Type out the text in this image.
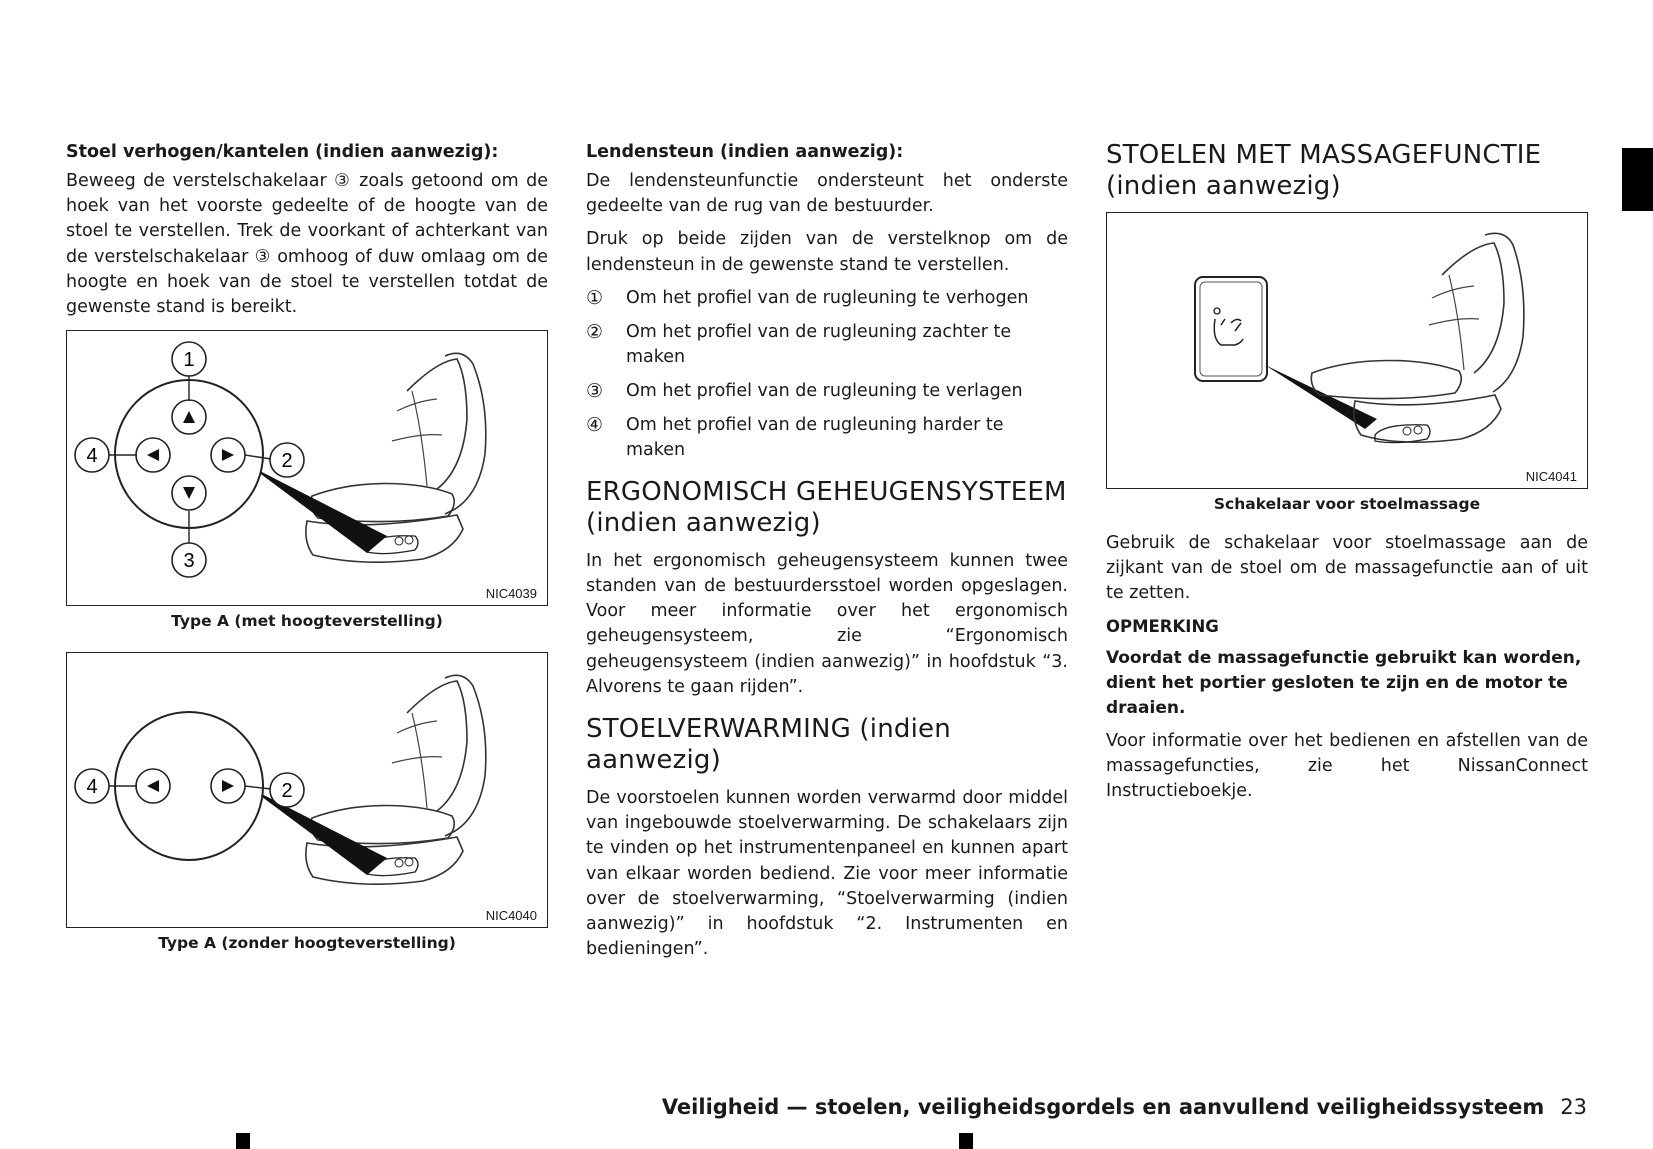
Stoel verhogen/kantelen (indien aanwezig):
Beweeg de verstelschakelaar ③ zoals getoond om de hoek van het voorste gedeelte of de hoogte van de stoel te verstellen. Trek de voorkant of achterkant van de verstelschakelaar ③ omhoog of duw omlaag om de hoogte en hoek van de stoel te verstellen totdat de gewenste stand is bereikt.
1
2
3
4
NIC4039
Type A (met hoogteverstelling)
4	2
NIC4040
Type A (zonder hoogteverstelling)
Lendensteun (indien aanwezig):
De lendensteunfunctie ondersteunt het onderste gedeelte van de rug van de bestuurder.
Druk op beide zijden van de verstelknop om de lendensteun in de gewenste stand te verstellen.
①	Om het profiel van de rugleuning te verhogen
②	Om het profiel van de rugleuning zachter te maken
③	Om het profiel van de rugleuning te verlagen
④	Om het profiel van de rugleuning harder te maken
ERGONOMISCH GEHEUGENSYSTEEM (indien aanwezig)
In het ergonomisch geheugensysteem kunnen twee standen van de bestuurdersstoel worden opgeslagen. Voor meer informatie over het ergonomisch geheugensysteem, zie “Ergonomisch geheugensysteem (indien aanwezig)” in hoofdstuk “3. Alvorens te gaan rijden”.
STOELVERWARMING (indien aanwezig)
De voorstoelen kunnen worden verwarmd door middel van ingebouwde stoelverwarming. De schakelaars zijn te vinden op het instrumentenpaneel en kunnen apart van elkaar worden bediend. Zie voor meer informatie over de stoelverwarming, “Stoelverwarming (indien aanwezig)” in hoofdstuk “2. Instrumenten en bedieningen”.
STOELEN MET MASSAGEFUNCTIE (indien aanwezig)
NIC4041
Schakelaar voor stoelmassage
Gebruik de schakelaar voor stoelmassage aan de zijkant van de stoel om de massagefunctie aan of uit te zetten.
OPMERKING
Voordat de massagefunctie gebruikt kan worden, dient het portier gesloten te zijn en de motor te draaien.
Voor informatie over het bedienen en afstellen van de massagefuncties, zie het NissanConnect Instructieboekje.
Veiligheid — stoelen, veiligheidsgordels en aanvullend veiligheidssysteem 23
